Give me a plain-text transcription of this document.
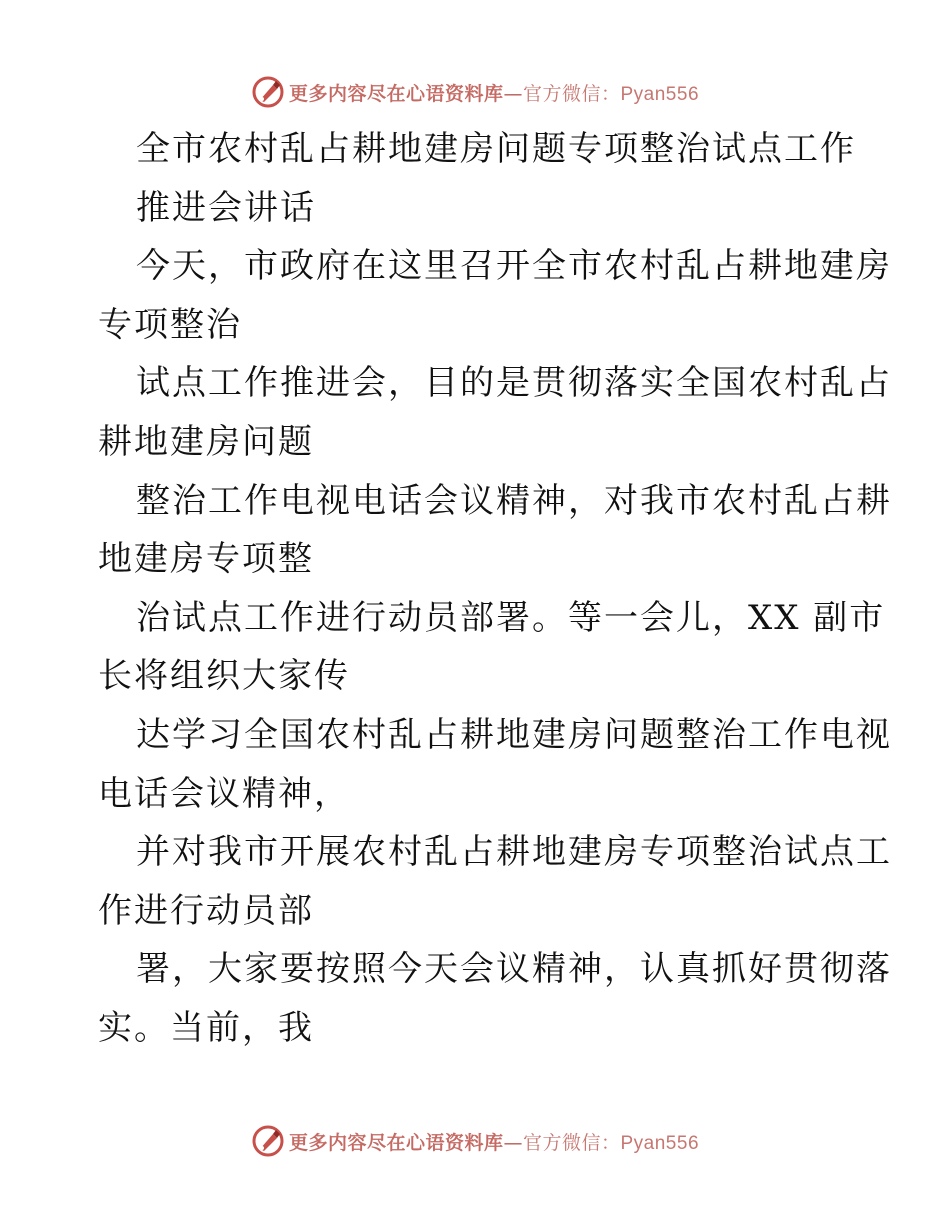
更多内容尽在心语资料库—官方微信：Pyan556
全市农村乱占耕地建房问题专项整治试点工作
推进会讲话
今天，市政府在这里召开全市农村乱占耕地建房
专项整治
试点工作推进会，目的是贯彻落实全国农村乱占
耕地建房问题
整治工作电视电话会议精神，对我市农村乱占耕
地建房专项整
治试点工作进行动员部署。等一会儿，XX 副市
长将组织大家传
达学习全国农村乱占耕地建房问题整治工作电视
电话会议精神，
并对我市开展农村乱占耕地建房专项整治试点工
作进行动员部
署，大家要按照今天会议精神，认真抓好贯彻落
实。当前，我
更多内容尽在心语资料库—官方微信：Pyan556
